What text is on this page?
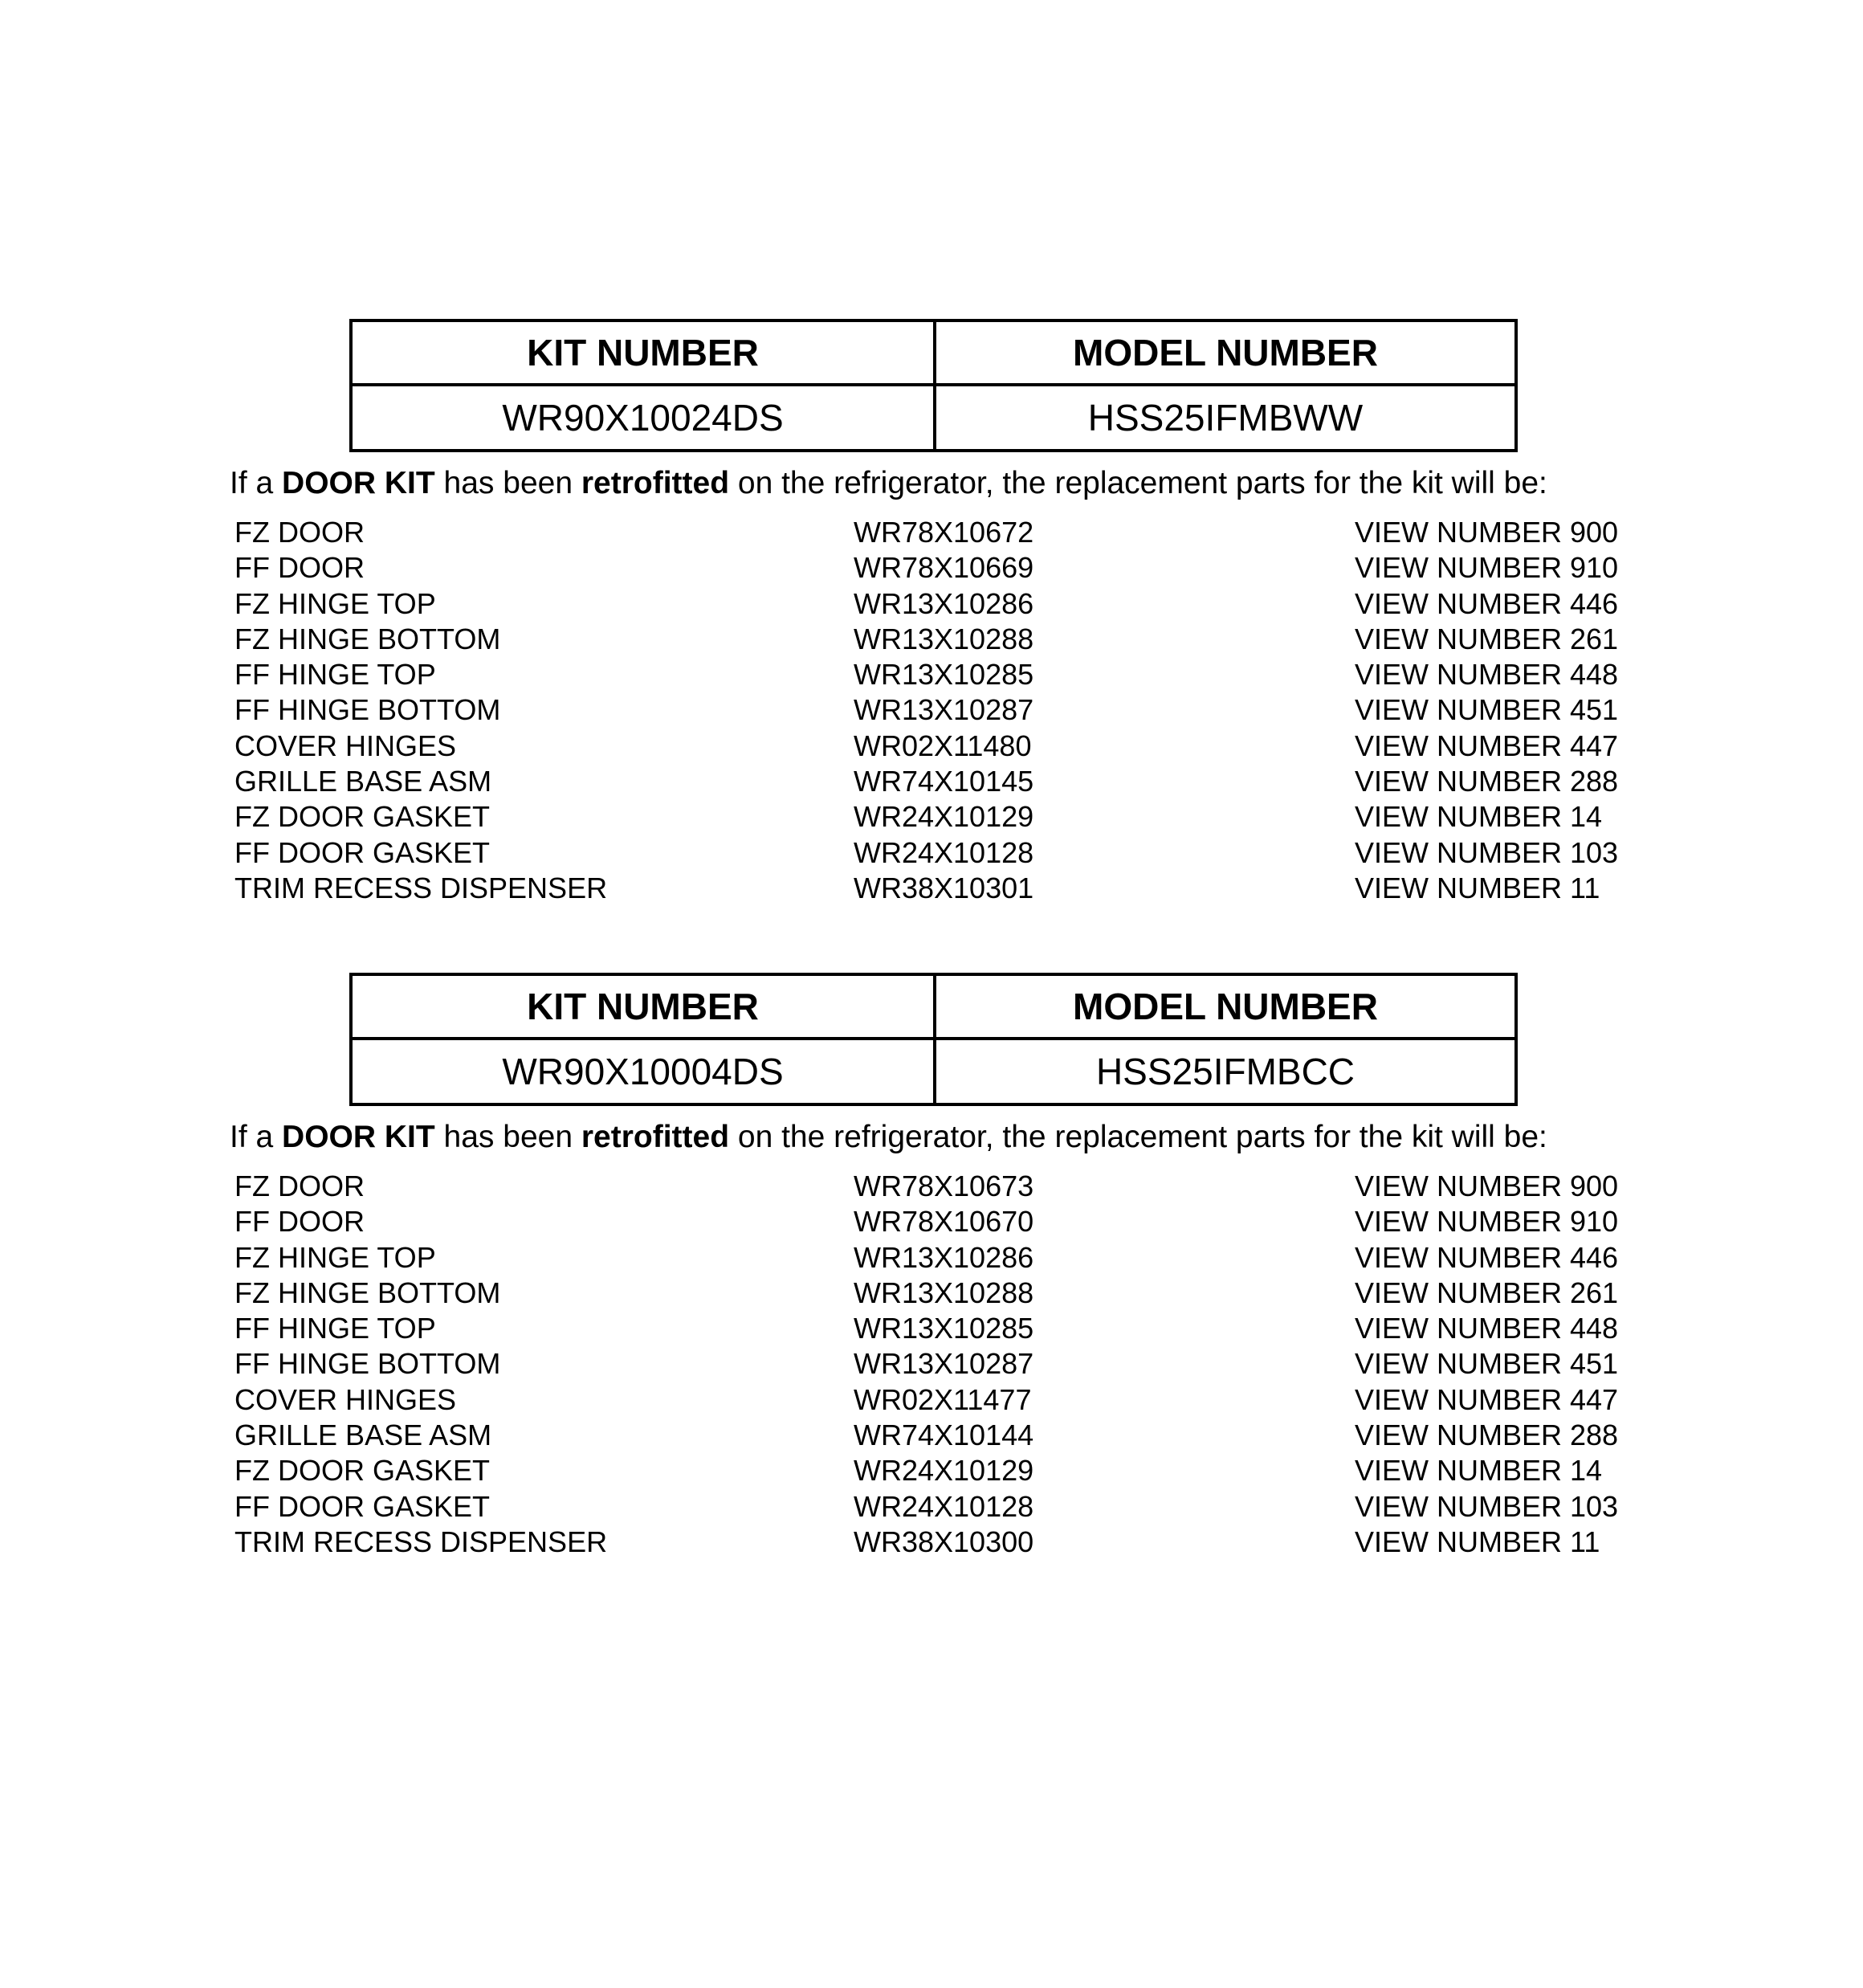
KIT NUMBER	MODEL NUMBER
WR90X10024DS	HSS25IFMBWW
If a DOOR KIT has been retrofitted on the refrigerator, the replacement parts for the kit will be:
FZ DOOR	WR78X10672	VIEW NUMBER 900
FF DOOR	WR78X10669	VIEW NUMBER 910
FZ HINGE TOP	WR13X10286	VIEW NUMBER 446
FZ HINGE BOTTOM	WR13X10288	VIEW NUMBER 261
FF HINGE TOP	WR13X10285	VIEW NUMBER 448
FF HINGE BOTTOM	WR13X10287	VIEW NUMBER 451
COVER HINGES	WR02X11480	VIEW NUMBER 447
GRILLE BASE ASM	WR74X10145	VIEW NUMBER 288
FZ DOOR GASKET	WR24X10129	VIEW NUMBER 14
FF DOOR GASKET	WR24X10128	VIEW NUMBER 103
TRIM RECESS DISPENSER	WR38X10301	VIEW NUMBER 11
KIT NUMBER	MODEL NUMBER
WR90X10004DS	HSS25IFMBCC
If a DOOR KIT has been retrofitted on the refrigerator, the replacement parts for the kit will be:
FZ DOOR	WR78X10673	VIEW NUMBER 900
FF DOOR	WR78X10670	VIEW NUMBER 910
FZ HINGE TOP	WR13X10286	VIEW NUMBER 446
FZ HINGE BOTTOM	WR13X10288	VIEW NUMBER 261
FF HINGE TOP	WR13X10285	VIEW NUMBER 448
FF HINGE BOTTOM	WR13X10287	VIEW NUMBER 451
COVER HINGES	WR02X11477	VIEW NUMBER 447
GRILLE BASE ASM	WR74X10144	VIEW NUMBER 288
FZ DOOR GASKET	WR24X10129	VIEW NUMBER 14
FF DOOR GASKET	WR24X10128	VIEW NUMBER 103
TRIM RECESS DISPENSER	WR38X10300	VIEW NUMBER 11
